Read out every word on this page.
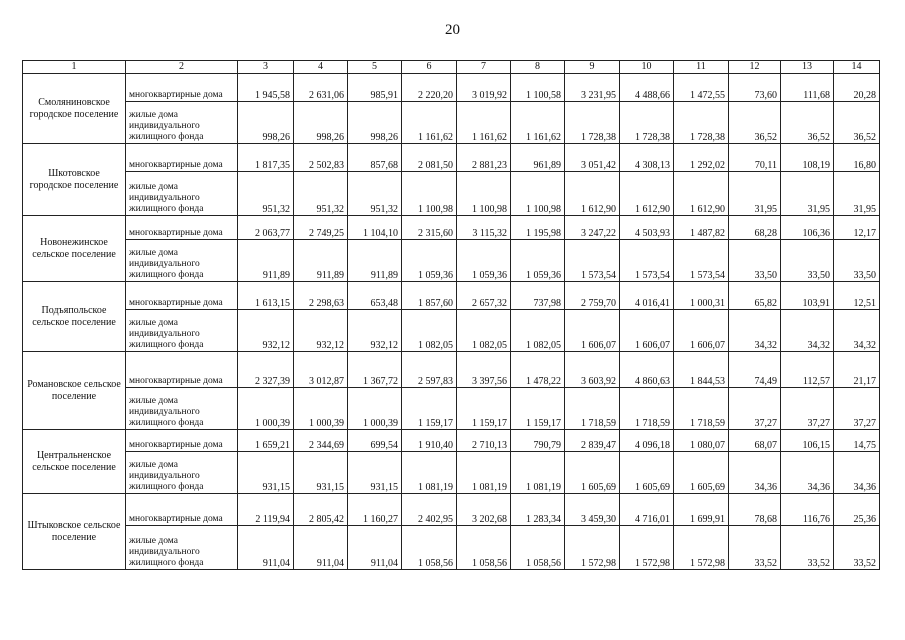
20
1	2	3	4	5	6	7	8	9	10	11	12	13	14
Смоляниновское городское поселение	многоквартирные дома	1 945,58	2 631,06	985,91	2 220,20	3 019,92	1 100,58	3 231,95	4 488,66	1 472,55	73,60	111,68	20,28
	жилые дома индивидуального жилищного фонда	998,26	998,26	998,26	1 161,62	1 161,62	1 161,62	1 728,38	1 728,38	1 728,38	36,52	36,52	36,52
Шкотовское городское поселение	многоквартирные дома	1 817,35	2 502,83	857,68	2 081,50	2 881,23	961,89	3 051,42	4 308,13	1 292,02	70,11	108,19	16,80
	жилые дома индивидуального жилищного фонда	951,32	951,32	951,32	1 100,98	1 100,98	1 100,98	1 612,90	1 612,90	1 612,90	31,95	31,95	31,95
Новонежинское сельское поселение	многоквартирные дома	2 063,77	2 749,25	1 104,10	2 315,60	3 115,32	1 195,98	3 247,22	4 503,93	1 487,82	68,28	106,36	12,17
	жилые дома индивидуального жилищного фонда	911,89	911,89	911,89	1 059,36	1 059,36	1 059,36	1 573,54	1 573,54	1 573,54	33,50	33,50	33,50
Подъяпольское сельское поселение	многоквартирные дома	1 613,15	2 298,63	653,48	1 857,60	2 657,32	737,98	2 759,70	4 016,41	1 000,31	65,82	103,91	12,51
	жилые дома индивидуального жилищного фонда	932,12	932,12	932,12	1 082,05	1 082,05	1 082,05	1 606,07	1 606,07	1 606,07	34,32	34,32	34,32
Романовское сельское поселение	многоквартирные дома	2 327,39	3 012,87	1 367,72	2 597,83	3 397,56	1 478,22	3 603,92	4 860,63	1 844,53	74,49	112,57	21,17
	жилые дома индивидуального жилищного фонда	1 000,39	1 000,39	1 000,39	1 159,17	1 159,17	1 159,17	1 718,59	1 718,59	1 718,59	37,27	37,27	37,27
Центральненское сельское поселение	многоквартирные дома	1 659,21	2 344,69	699,54	1 910,40	2 710,13	790,79	2 839,47	4 096,18	1 080,07	68,07	106,15	14,75
	жилые дома индивидуального жилищного фонда	931,15	931,15	931,15	1 081,19	1 081,19	1 081,19	1 605,69	1 605,69	1 605,69	34,36	34,36	34,36
Штыковское сельское поселение	многоквартирные дома	2 119,94	2 805,42	1 160,27	2 402,95	3 202,68	1 283,34	3 459,30	4 716,01	1 699,91	78,68	116,76	25,36
	жилые дома индивидуального жилищного фонда	911,04	911,04	911,04	1 058,56	1 058,56	1 058,56	1 572,98	1 572,98	1 572,98	33,52	33,52	33,52
